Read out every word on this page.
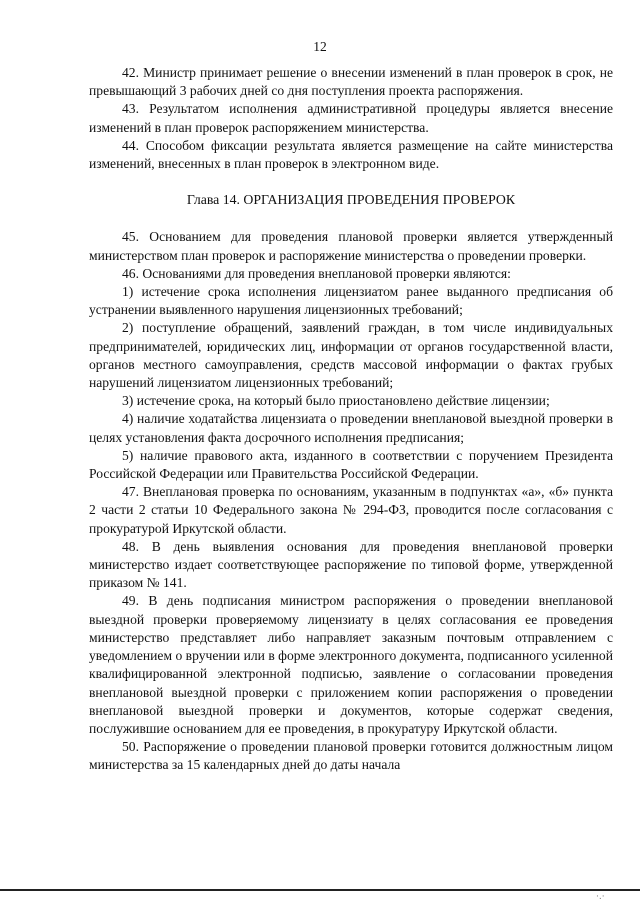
12

42. Министр принимает решение о внесении изменений в план проверок в срок, не превышающий 3 рабочих дней со дня поступления проекта распоряжения.

43. Результатом исполнения административной процедуры является внесение изменений в план проверок распоряжением министерства.

44. Способом фиксации результата является размещение на сайте министерства изменений, внесенных в план проверок в электронном виде.

Глава 14. ОРГАНИЗАЦИЯ ПРОВЕДЕНИЯ ПРОВЕРОК

45. Основанием для проведения плановой проверки является утвержденный министерством план проверок и распоряжение министерства о проведении проверки.

46. Основаниями для проведения внеплановой проверки являются:

1) истечение срока исполнения лицензиатом ранее выданного предписания об устранении выявленного нарушения лицензионных требований;

2) поступление обращений, заявлений граждан, в том числе индивидуальных предпринимателей, юридических лиц, информации от органов государственной власти, органов местного самоуправления, средств массовой информации о фактах грубых нарушений лицензиатом лицензионных требований;

3) истечение срока, на который было приостановлено действие лицензии;

4) наличие ходатайства лицензиата о проведении внеплановой выездной проверки в целях установления факта досрочного исполнения предписания;

5) наличие правового акта, изданного в соответствии с поручением Президента Российской Федерации или Правительства Российской Федерации.

47. Внеплановая проверка по основаниям, указанным в подпунктах «а», «б» пункта 2 части 2 статьи 10 Федерального закона № 294-ФЗ, проводится после согласования с прокуратурой Иркутской области.

48. В день выявления основания для проведения внеплановой проверки министерство издает соответствующее распоряжение по типовой форме, утвержденной приказом № 141.

49. В день подписания министром распоряжения о проведении внеплановой выездной проверки проверяемому лицензиату в целях согласования ее проведения министерство представляет либо направляет заказным почтовым отправлением с уведомлением о вручении или в форме электронного документа, подписанного усиленной квалифицированной электронной подписью, заявление о согласовании проведения внеплановой выездной проверки с приложением копии распоряжения о проведении внеплановой выездной проверки и документов, которые содержат сведения, послужившие основанием для ее проведения, в прокуратуру Иркутской области.

50. Распоряжение о проведении плановой проверки готовится должностным лицом министерства за 15 календарных дней до даты начала

·.·
